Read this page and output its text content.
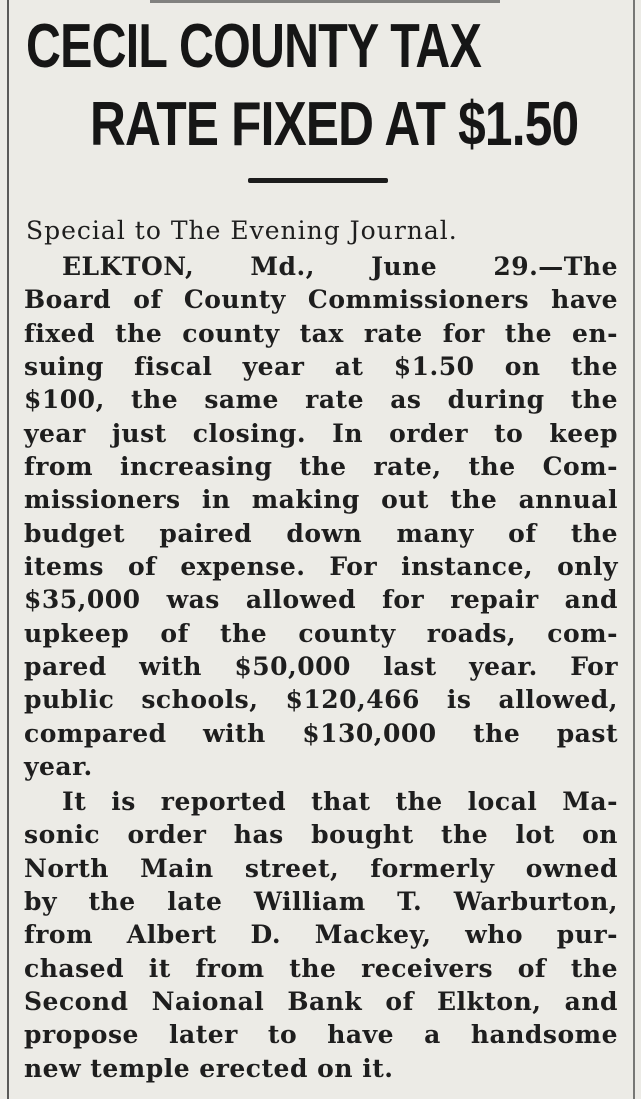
CECIL COUNTY TAX
RATE FIXED AT $1.50
Special to The Evening Journal.
ELKTON, Md., June 29.—The
Board of County Commissioners have
fixed the county tax rate for the en-
suing fiscal year at $1.50 on the
$100, the same rate as during the
year just closing. In order to keep
from increasing the rate, the Com-
missioners in making out the annual
budget paired down many of the
items of expense. For instance, only
$35,000 was allowed for repair and
upkeep of the county roads, com-
pared with $50,000 last year. For
public schools, $120,466 is allowed,
compared with $130,000 the past
year.
It is reported that the local Ma-
sonic order has bought the lot on
North Main street, formerly owned
by the late William T. Warburton,
from Albert D. Mackey, who pur-
chased it from the receivers of the
Second Naional Bank of Elkton, and
propose later to have a handsome
new temple erected on it.
